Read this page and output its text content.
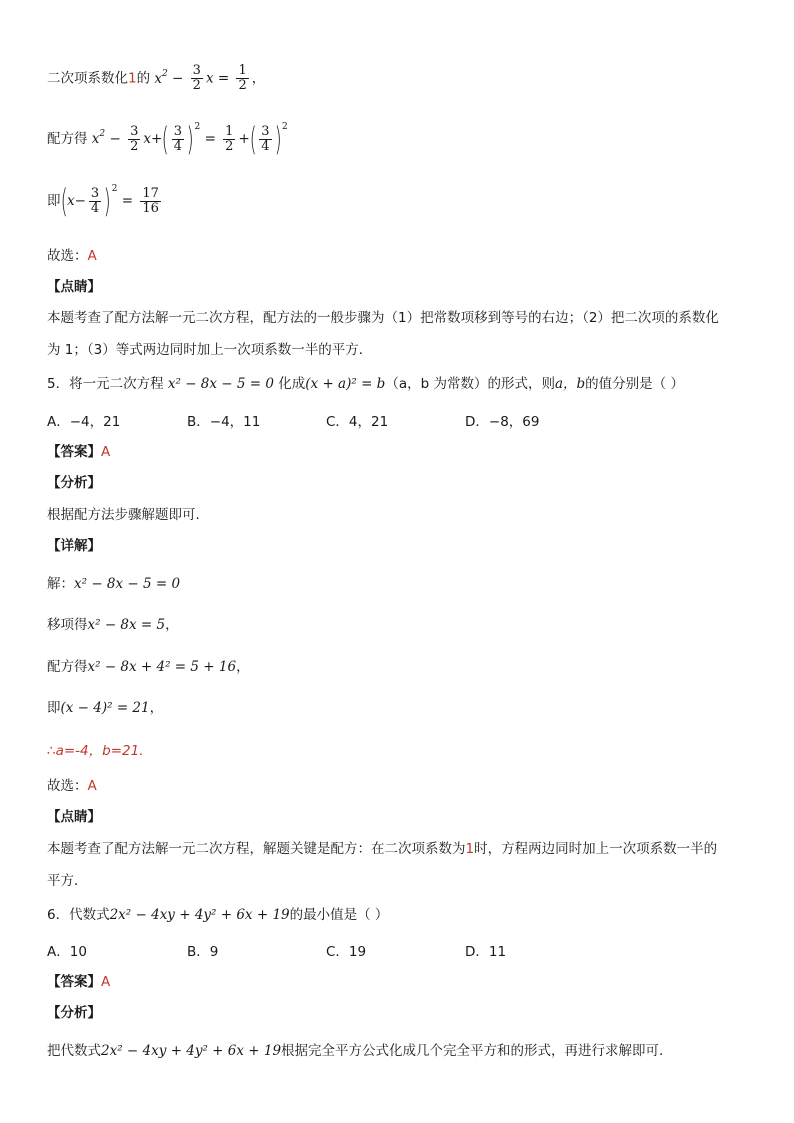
二次项系数化1的 $x^2 - \frac{3}{2}$ $x = \frac{1}{2}$ ，
配方得 $x^2 - \frac{3}{2} x+( \frac{3}{4} )^2 = \frac{1}{2}$ +( $\frac{3}{4} )^2$
即$(x- \frac{3}{4} )^2 = \frac{17}{16}$
故选：A
【点睛】
本题考查了配方法解一元二次方程，配方法的一般步骤为（1）把常数项移到等号的右边；（2）把二次项的系数化
为 1；（3）等式两边同时加上一次项系数一半的平方．
5．将一元二次方程 x² − 8x − 5 = 0 化成(x + a)² = b（a，b 为常数）的形式，则a，b的值分别是（ ）
A．−4，21	B．−4，11	C．4，21	D．−8，69
【答案】A
【分析】
根据配方法步骤解题即可．
【详解】
解：x² − 8x − 5 = 0
移项得x² − 8x = 5，
配方得x² − 8x + 4² = 5 + 16，
即(x − 4)² = 21，
∴a=-4，b=21.
故选：A
【点睛】
本题考查了配方法解一元二次方程，解题关键是配方：在二次项系数为1时，方程两边同时加上一次项系数一半的
平方．
6．代数式2x² − 4xy + 4y² + 6x + 19的最小值是（ ）
A．10	B．9	C．19	D．11
【答案】A
【分析】
把代数式2x² − 4xy + 4y² + 6x + 19根据完全平方公式化成几个完全平方和的形式，再进行求解即可．
